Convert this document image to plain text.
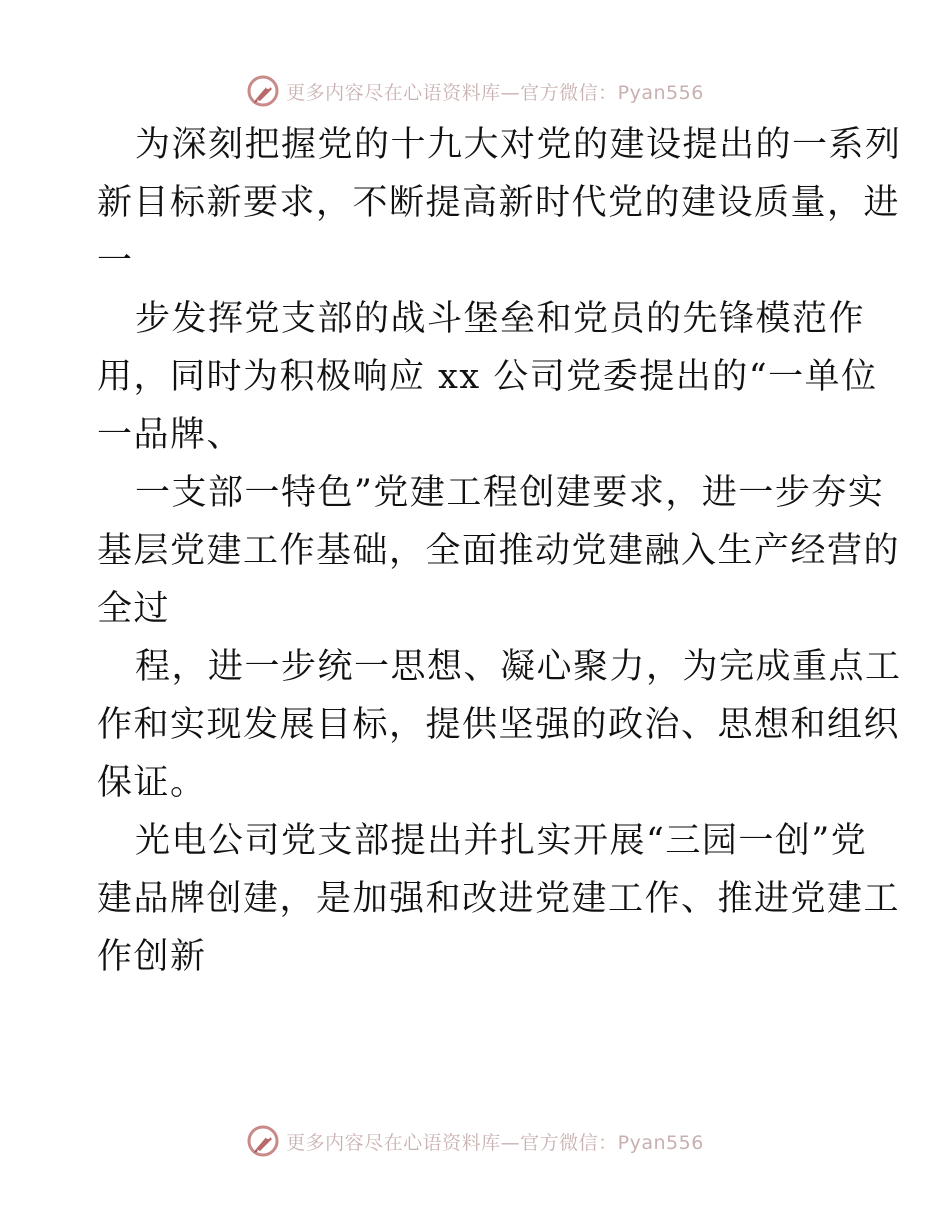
更多内容尽在心语资料库—官方微信：Pyan556
为深刻把握党的十九大对党的建设提出的一系列
新目标新要求，不断提高新时代党的建设质量，进
一
步发挥党支部的战斗堡垒和党员的先锋模范作
用，同时为积极响应 xx 公司党委提出的“一单位
一品牌、
一支部一特色”党建工程创建要求，进一步夯实
基层党建工作基础，全面推动党建融入生产经营的
全过
程，进一步统一思想、凝心聚力，为完成重点工
作和实现发展目标，提供坚强的政治、思想和组织
保证。
光电公司党支部提出并扎实开展“三园一创”党
建品牌创建，是加强和改进党建工作、推进党建工
作创新
更多内容尽在心语资料库—官方微信：Pyan556
